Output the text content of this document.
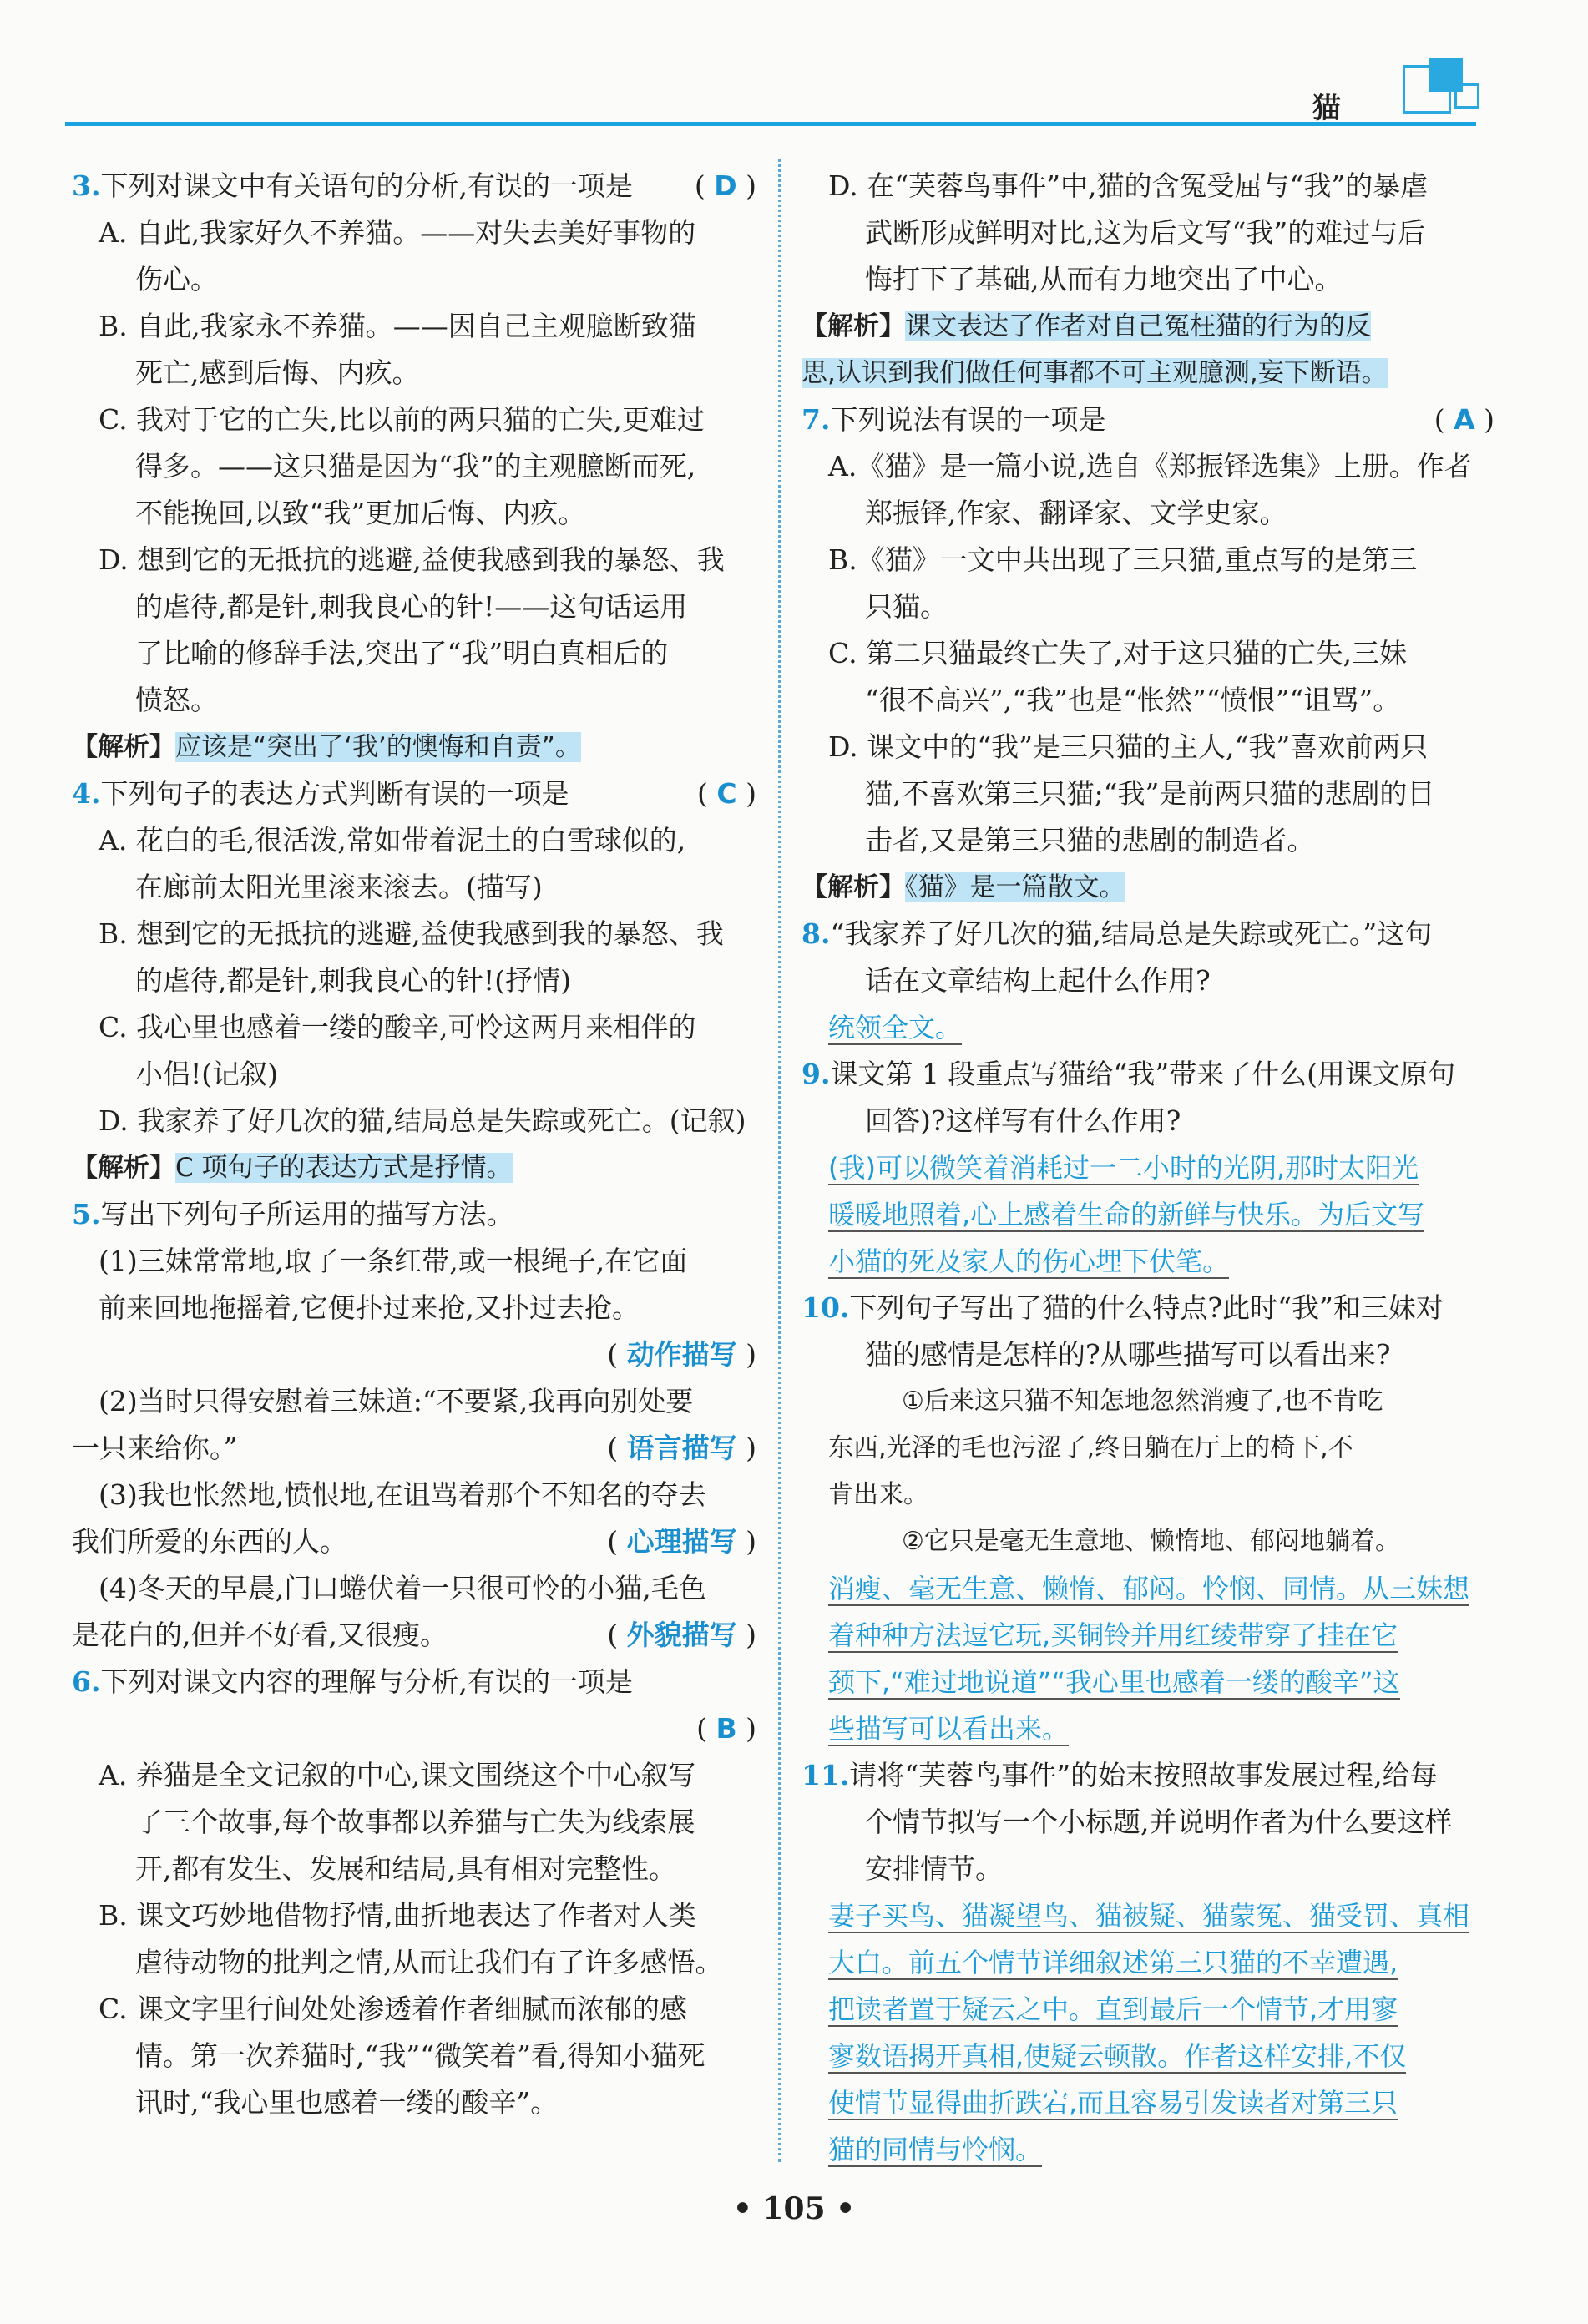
猫
3.下列对课文中有关语句的分析,有误的一项是 ( D )
A. 自此,我家好久不养猫。——对失去美好事物的
伤心。
B. 自此,我家永不养猫。——因自己主观臆断致猫
死亡,感到后悔、内疚。
C. 我对于它的亡失,比以前的两只猫的亡失,更难过
得多。——这只猫是因为“我”的主观臆断而死,
不能挽回,以致“我”更加后悔、内疚。
D. 想到它的无抵抗的逃避,益使我感到我的暴怒、我
的虐待,都是针,刺我良心的针!——这句话运用
了比喻的修辞手法,突出了“我”明白真相后的
愤怒。
【解析】应该是“突出了‘我’的懊悔和自责”。
4.下列句子的表达方式判断有误的一项是	( C )
A. 花白的毛,很活泼,常如带着泥土的白雪球似的,
在廊前太阳光里滚来滚去。(描写)
B. 想到它的无抵抗的逃避,益使我感到我的暴怒、我
的虐待,都是针,刺我良心的针!(抒情)
C. 我心里也感着一缕的酸辛,可怜这两月来相伴的
小侣!(记叙)
D. 我家养了好几次的猫,结局总是失踪或死亡。(记叙)
【解析】C 项句子的表达方式是抒情。
5.写出下列句子所运用的描写方法。
(1)三妹常常地,取了一条红带,或一根绳子,在它面
前来回地拖摇着,它便扑过来抢,又扑过去抢。
( 动作描写 )
(2)当时只得安慰着三妹道:“不要紧,我再向别处要
一只来给你。”	( 语言描写 )
(3)我也怅然地,愤恨地,在诅骂着那个不知名的夺去
我们所爱的东西的人。	( 心理描写 )
(4)冬天的早晨,门口蜷伏着一只很可怜的小猫,毛色
是花白的,但并不好看,又很瘦。	( 外貌描写 )
6.下列对课文内容的理解与分析,有误的一项是
( B )
A. 养猫是全文记叙的中心,课文围绕这个中心叙写
了三个故事,每个故事都以养猫与亡失为线索展
开,都有发生、发展和结局,具有相对完整性。
B. 课文巧妙地借物抒情,曲折地表达了作者对人类
虐待动物的批判之情,从而让我们有了许多感悟。
C. 课文字里行间处处渗透着作者细腻而浓郁的感
情。第一次养猫时,“我”“微笑着”看,得知小猫死
讯时,“我心里也感着一缕的酸辛”。
D. 在“芙蓉鸟事件”中,猫的含冤受屈与“我”的暴虐
武断形成鲜明对比,这为后文写“我”的难过与后
悔打下了基础,从而有力地突出了中心。
【解析】课文表达了作者对自己冤枉猫的行为的反
思,认识到我们做任何事都不可主观臆测,妄下断语。
7.下列说法有误的一项是	( A )
A.《猫》是一篇小说,选自《郑振铎选集》上册。作者
郑振铎,作家、翻译家、文学史家。
B.《猫》一文中共出现了三只猫,重点写的是第三
只猫。
C. 第二只猫最终亡失了,对于这只猫的亡失,三妹
“很不高兴”,“我”也是“怅然”“愤恨”“诅骂”。
D. 课文中的“我”是三只猫的主人,“我”喜欢前两只
猫,不喜欢第三只猫;“我”是前两只猫的悲剧的目
击者,又是第三只猫的悲剧的制造者。
【解析】《猫》是一篇散文。
8.“我家养了好几次的猫,结局总是失踪或死亡。”这句
话在文章结构上起什么作用?
统领全文。
9.课文第 1 段重点写猫给“我”带来了什么(用课文原句
回答)?这样写有什么作用?
(我)可以微笑着消耗过一二小时的光阴,那时太阳光
暖暖地照着,心上感着生命的新鲜与快乐。为后文写
小猫的死及家人的伤心埋下伏笔。
10.下列句子写出了猫的什么特点?此时“我”和三妹对
猫的感情是怎样的?从哪些描写可以看出来?
①后来这只猫不知怎地忽然消瘦了,也不肯吃
东西,光泽的毛也污涩了,终日躺在厅上的椅下,不
肯出来。
②它只是毫无生意地、懒惰地、郁闷地躺着。
消瘦、毫无生意、懒惰、郁闷。怜悯、同情。从三妹想
着种种方法逗它玩,买铜铃并用红绫带穿了挂在它
颈下,“难过地说道”“我心里也感着一缕的酸辛”这
些描写可以看出来。
11.请将“芙蓉鸟事件”的始末按照故事发展过程,给每
个情节拟写一个小标题,并说明作者为什么要这样
安排情节。
妻子买鸟、猫凝望鸟、猫被疑、猫蒙冤、猫受罚、真相
大白。前五个情节详细叙述第三只猫的不幸遭遇,
把读者置于疑云之中。直到最后一个情节,才用寥
寥数语揭开真相,使疑云顿散。作者这样安排,不仅
使情节显得曲折跌宕,而且容易引发读者对第三只
猫的同情与怜悯。
• 105 •
